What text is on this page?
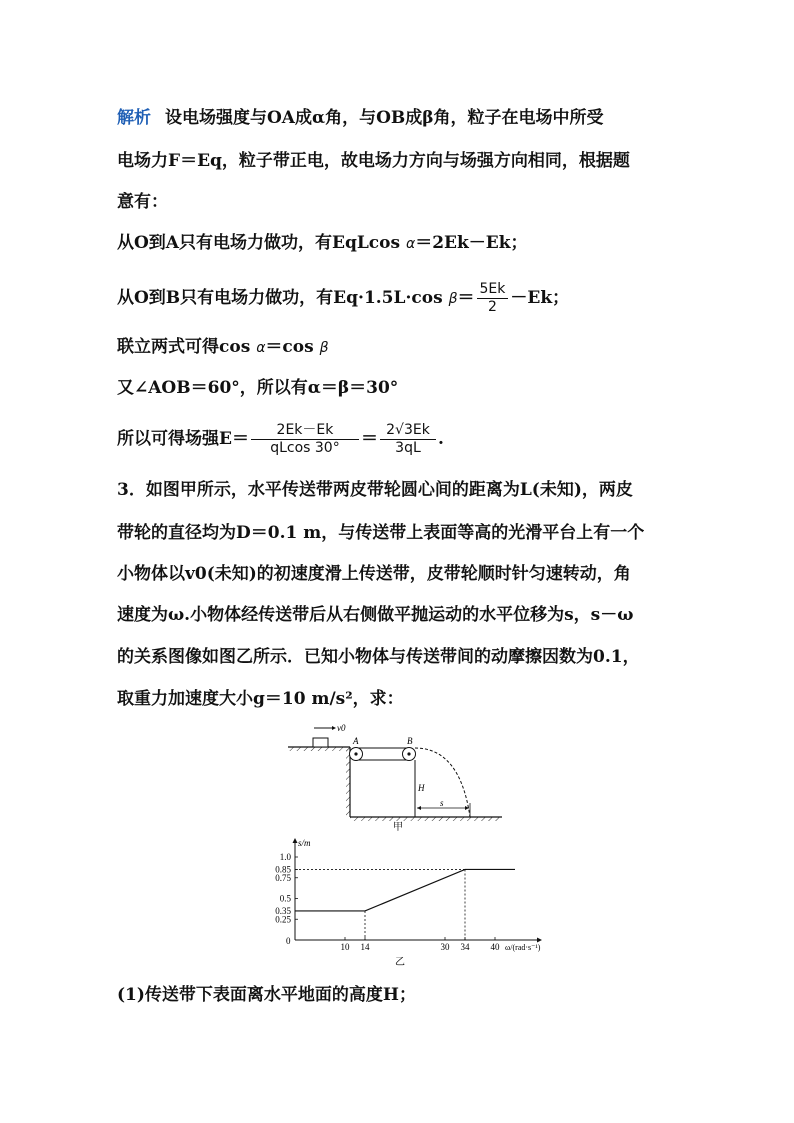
解析 设电场强度与OA成α角，与OB成β角，粒子在电场中所受
电场力F＝Eq，粒子带正电，故电场力方向与场强方向相同，根据题
意有：
从O到A只有电场力做功，有EqLcos α＝2Ek－Ek；
从O到B只有电场力做功，有Eq·1.5L·cos $\beta= \frac{5Ek}{2} -Ek$；
联立两式可得cos α＝cos β
又∠AOB＝60°，所以有α＝β＝30°
所以可得场强$E= \frac{2Ek-Ek}{qLcos 30^\circ} = \frac{2√3Ek}{3qL}$ .
3．如图甲所示，水平传送带两皮带轮圆心间的距离为L(未知)，两皮
带轮的直径均为D＝0.1 m，与传送带上表面等高的光滑平台上有一个
小物体以v0(未知)的初速度滑上传送带，皮带轮顺时针匀速转动，角
速度为ω.小物体经传送带后从右侧做平抛运动的水平位移为s，s－ω
的关系图像如图乙所示．已知小物体与传送带间的动摩擦因数为0.1，
取重力加速度大小g＝10 m/s²，求：
v0
A	B
H
s
甲
s/m
ω/(rad·s⁻¹)
0
0.25
0.35
0.5
0.75
0.85
1.0
10 14	30 34 40
乙
(1)传送带下表面离水平地面的高度H；
